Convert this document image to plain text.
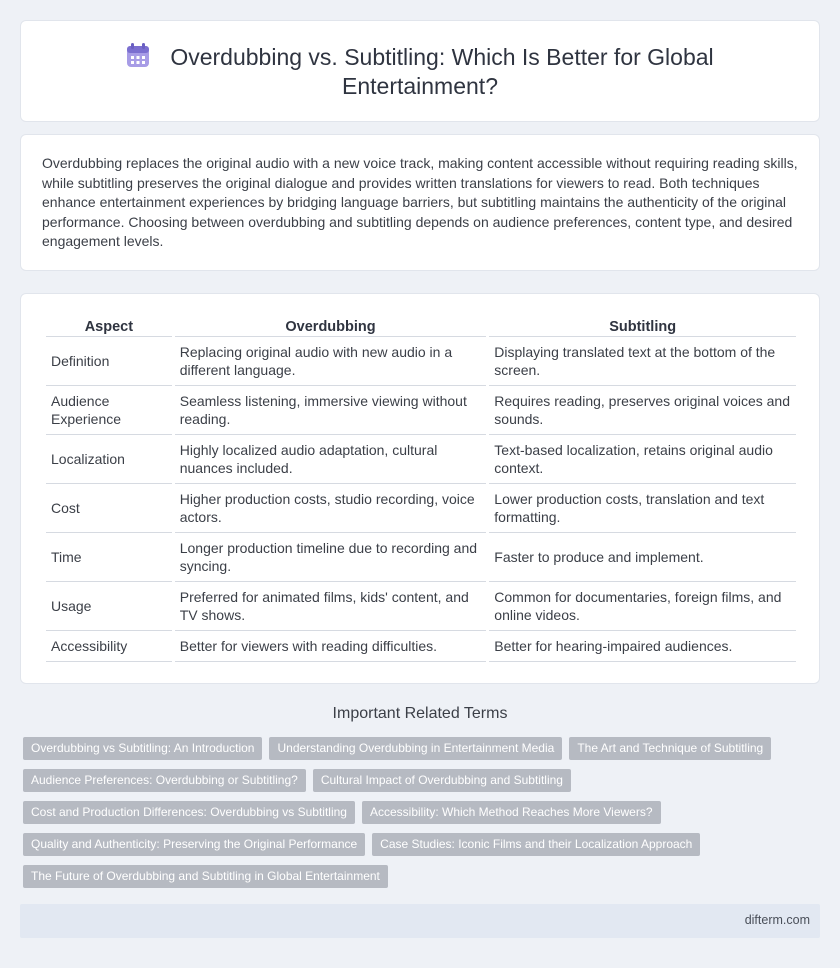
Overdubbing vs. Subtitling: Which Is Better for Global
Entertainment?

Overdubbing replaces the original audio with a new voice track, making content accessible without requiring reading skills, while subtitling preserves the original dialogue and provides written translations for viewers to read. Both techniques enhance entertainment experiences by bridging language barriers, but subtitling maintains the authenticity of the original performance. Choosing between overdubbing and subtitling depends on audience preferences, content type, and desired engagement levels.

Aspect	Overdubbing	Subtitling
Definition	Replacing original audio with new audio in a different language.	Displaying translated text at the bottom of the screen.
Audience Experience	Seamless listening, immersive viewing without reading.	Requires reading, preserves original voices and sounds.
Localization	Highly localized audio adaptation, cultural nuances included.	Text-based localization, retains original audio context.
Cost	Higher production costs, studio recording, voice actors.	Lower production costs, translation and text formatting.
Time	Longer production timeline due to recording and syncing.	Faster to produce and implement.
Usage	Preferred for animated films, kids' content, and TV shows.	Common for documentaries, foreign films, and online videos.
Accessibility	Better for viewers with reading difficulties.	Better for hearing-impaired audiences.
Important Related Terms
Overdubbing vs Subtitling: An Introduction	Understanding Overdubbing in Entertainment Media	The Art and Technique of Subtitling
Audience Preferences: Overdubbing or Subtitling?	Cultural Impact of Overdubbing and Subtitling
Cost and Production Differences: Overdubbing vs Subtitling	Accessibility: Which Method Reaches More Viewers?
Quality and Authenticity: Preserving the Original Performance	Case Studies: Iconic Films and their Localization Approach
The Future of Overdubbing and Subtitling in Global Entertainment
difterm.com
